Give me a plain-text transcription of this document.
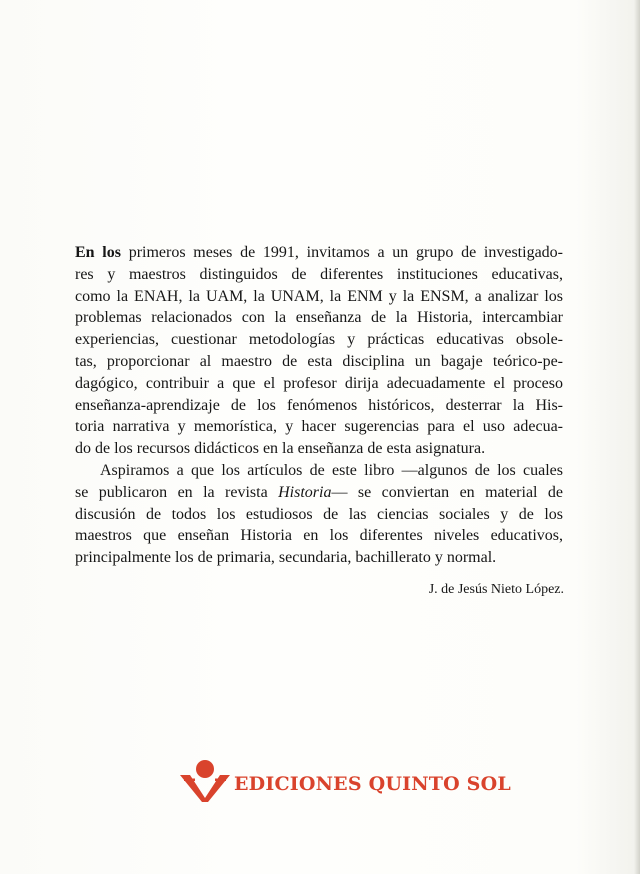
En los primeros meses de 1991, invitamos a un grupo de investigado-
res y maestros distinguidos de diferentes instituciones educativas,
como la ENAH, la UAM, la UNAM, la ENM y la ENSM, a analizar los
problemas relacionados con la enseñanza de la Historia, intercambiar
experiencias, cuestionar metodologías y prácticas educativas obsole-
tas, proporcionar al maestro de esta disciplina un bagaje teórico-pe-
dagógico, contribuir a que el profesor dirija adecuadamente el proceso
enseñanza-aprendizaje de los fenómenos históricos, desterrar la His-
toria narrativa y memorística, y hacer sugerencias para el uso adecua-
do de los recursos didácticos en la enseñanza de esta asignatura.
Aspiramos a que los artículos de este libro —algunos de los cuales
se publicaron en la revista Historia— se conviertan en material de
discusión de todos los estudiosos de las ciencias sociales y de los
maestros que enseñan Historia en los diferentes niveles educativos,
principalmente los de primaria, secundaria, bachillerato y normal.
J. de Jesús Nieto López.
EDICIONES QUINTO SOL
